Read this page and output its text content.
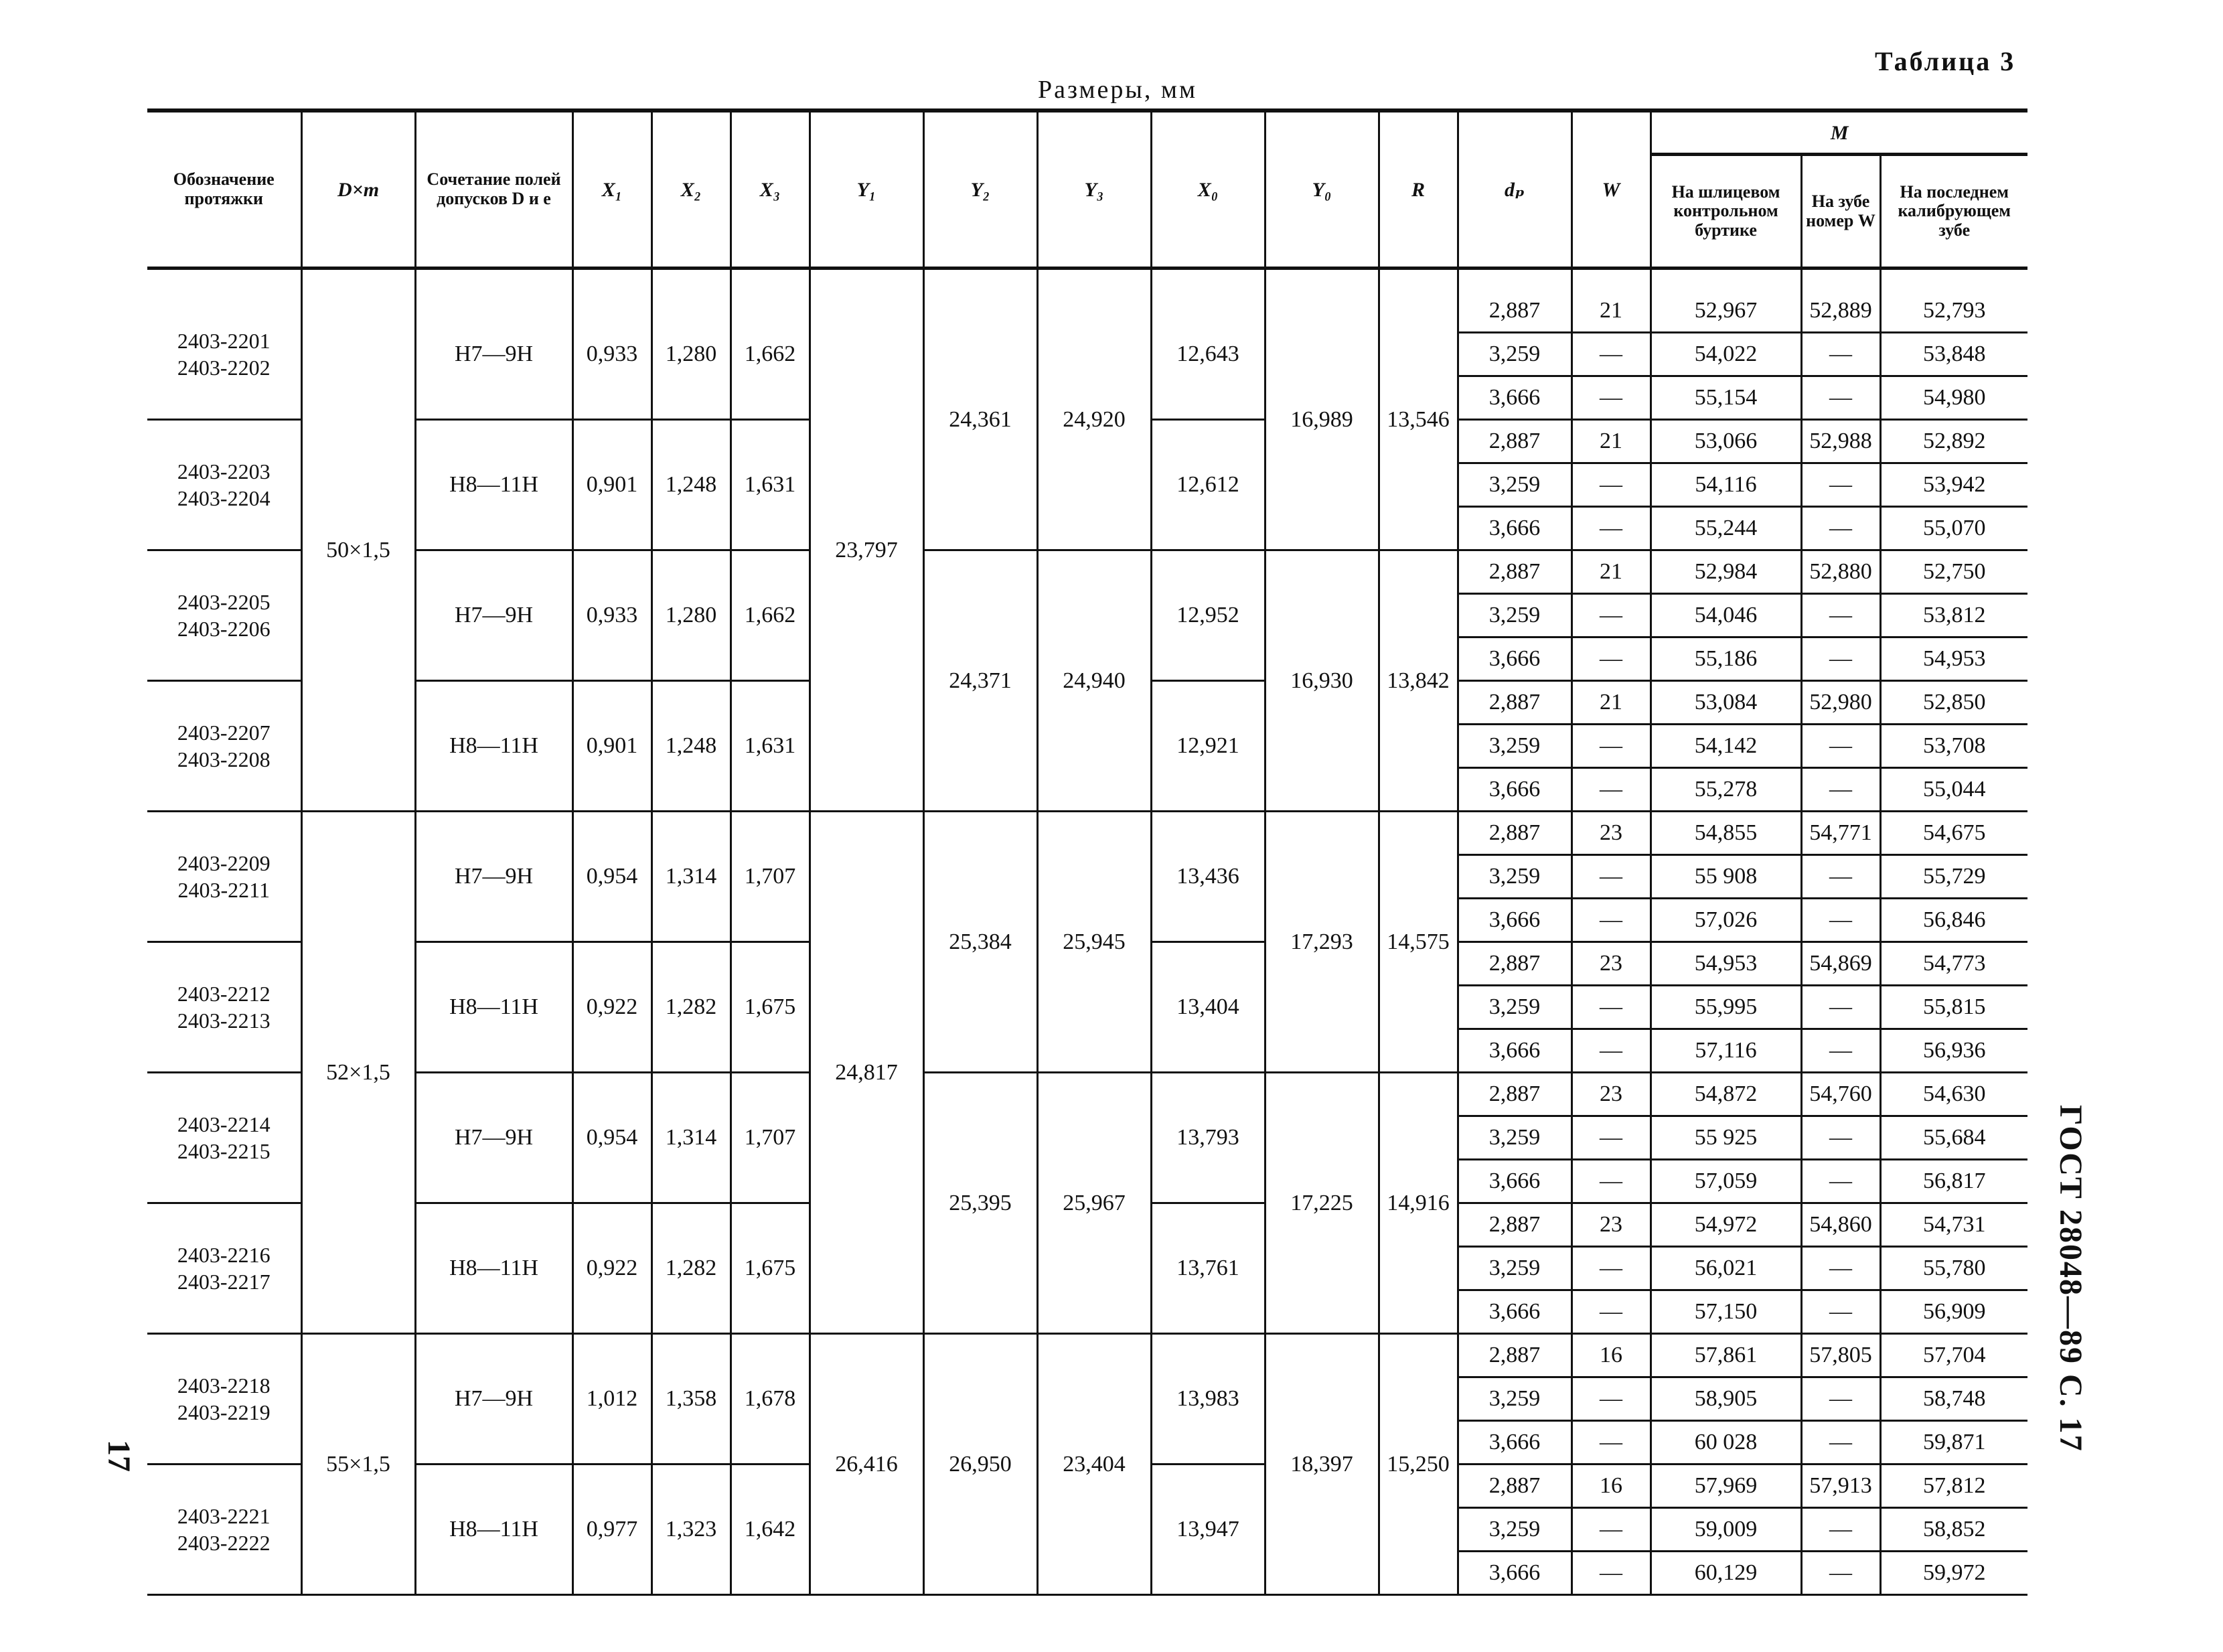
Таблица 3
Размеры, мм
ГОСТ 28048—89 С. 17
17
Обозначение протяжки	D×m	Сочетание полей допусков D и e	X₁	X₂	X₃	Y₁	Y₂	Y₃	X₀	Y₀	R	dₚ	W	M		
														На шлицевом контрольном буртике	На зубе номер W	На последнем калибрующем зубе

2403-2201
2403-2202	50×1,5	H7—9H	0,933	1,280	1,662	23,797	24,361	24,920	12,643	16,989	13,546	2,887	21	52,967	52,889	52,793
												3,259	—	54,022	—	53,848
												3,666	—	55,154	—	54,980

2403-2203
2403-2204		H8—11H	0,901	1,248	1,631				12,612			2,887	21	53,066	52,988	52,892
												3,259	—	54,116	—	53,942
												3,666	—	55,244	—	55,070

2403-2205
2403-2206		H7—9H	0,933	1,280	1,662		24,371	24,940	12,952	16,930	13,842	2,887	21	52,984	52,880	52,750
												3,259	—	54,046	—	53,812
												3,666	—	55,186	—	54,953

2403-2207
2403-2208		H8—11H	0,901	1,248	1,631				12,921			2,887	21	53,084	52,980	52,850
												3,259	—	54,142	—	53,708
												3,666	—	55,278	—	55,044

2403-2209
2403-2211	52×1,5	H7—9H	0,954	1,314	1,707	24,817	25,384	25,945	13,436	17,293	14,575	2,887	23	54,855	54,771	54,675
												3,259	—	55 908	—	55,729
												3,666	—	57,026	—	56,846

2403-2212
2403-2213		H8—11H	0,922	1,282	1,675				13,404			2,887	23	54,953	54,869	54,773
												3,259	—	55,995	—	55,815
												3,666	—	57,116	—	56,936

2403-2214
2403-2215		H7—9H	0,954	1,314	1,707		25,395	25,967	13,793	17,225	14,916	2,887	23	54,872	54,760	54,630
												3,259	—	55 925	—	55,684
												3,666	—	57,059	—	56,817

2403-2216
2403-2217		H8—11H	0,922	1,282	1,675				13,761			2,887	23	54,972	54,860	54,731
												3,259	—	56,021	—	55,780
												3,666	—	57,150	—	56,909

2403-2218
2403-2219	55×1,5	H7—9H	1,012	1,358	1,678	26,416	26,950	23,404	13,983	18,397	15,250	2,887	16	57,861	57,805	57,704
												3,259	—	58,905	—	58,748
												3,666	—	60 028	—	59,871

2403-2221
2403-2222		H8—11H	0,977	1,323	1,642				13,947			2,887	16	57,969	57,913	57,812
												3,259	—	59,009	—	58,852
												3,666	—	60,129	—	59,972
